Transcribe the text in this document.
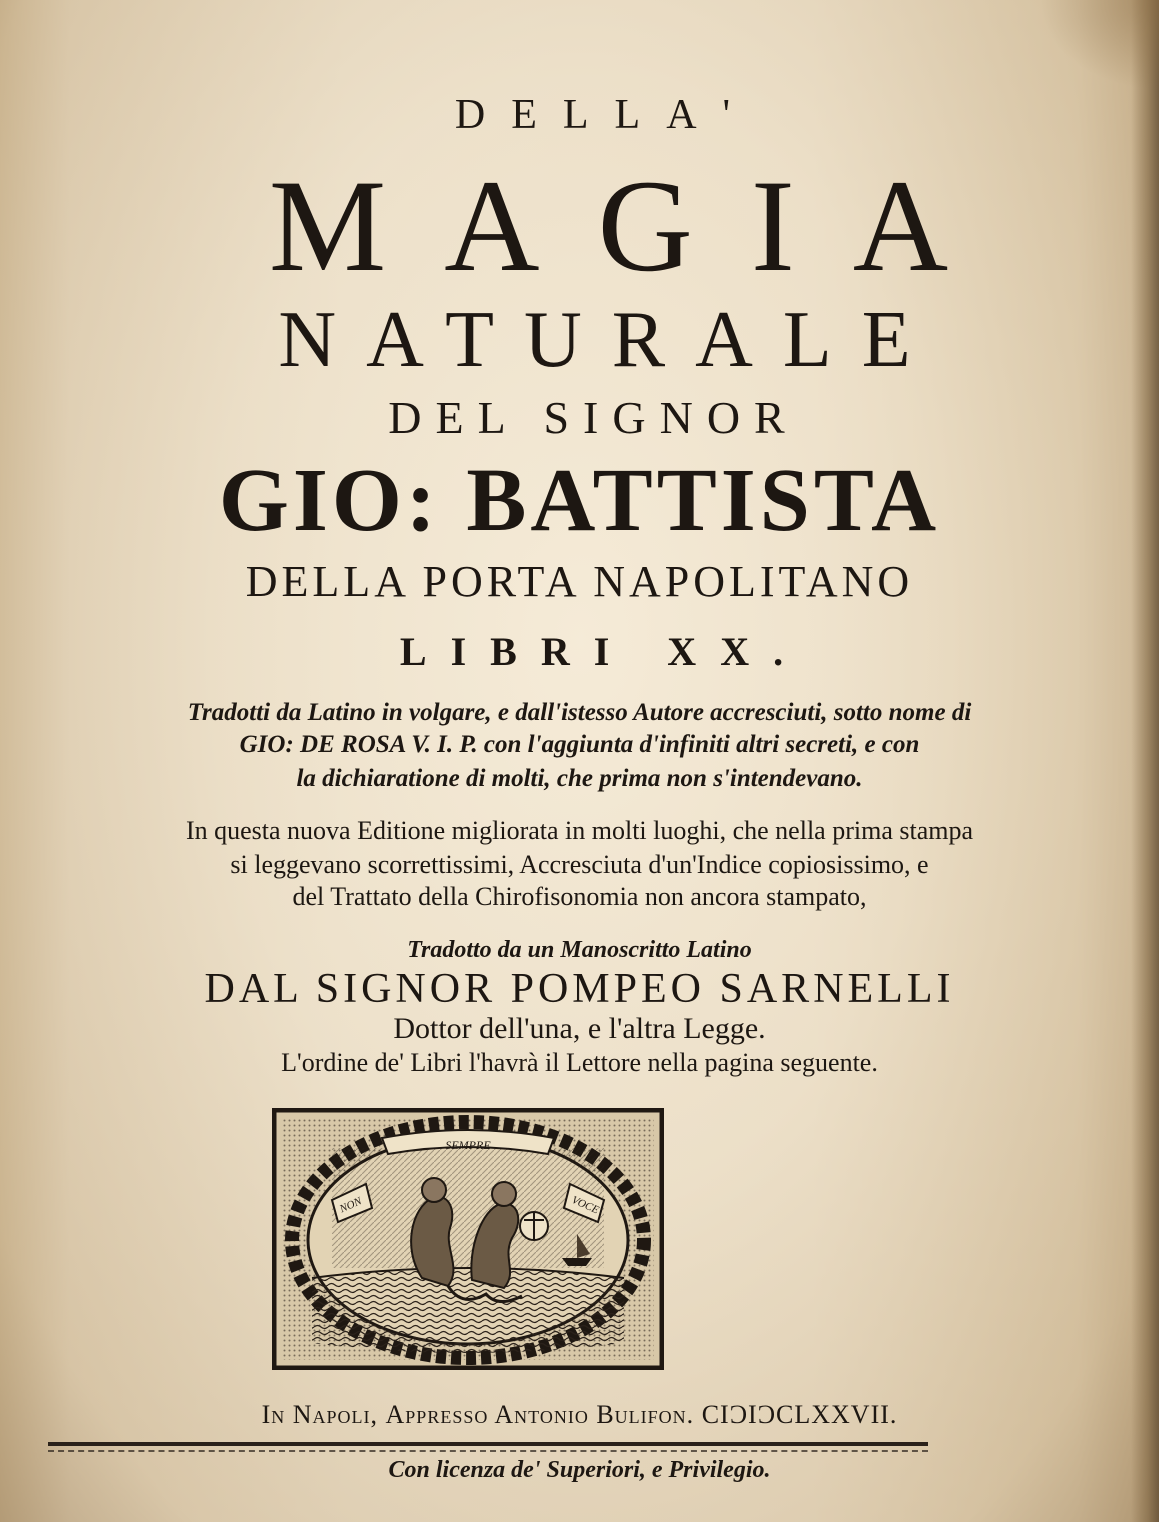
DELLA'
MAGIA
NATURALE
DEL SIGNOR
GIO: BATTISTA
DELLA PORTA NAPOLITANO
LIBRI XX.
Tradotti da Latino in volgare, e dall'istesso Autore accresciuti, sotto nome di
GIO: DE ROSA V. I. P. con l'aggiunta d'infiniti altri secreti, e con
la dichiaratione di molti, che prima non s'intendevano.
In questa nuova Editione migliorata in molti luoghi, che nella prima stampa
si leggevano scorrettissimi, Accresciuta d'un'Indice copiosissimo, e
del Trattato della Chirofisonomia non ancora stampato,
Tradotto da un Manoscritto Latino
DAL SIGNOR POMPEO SARNELLI
Dottor dell'una, e l'altra Legge.
L'ordine de' Libri l'havrà il Lettore nella pagina seguente.
SEMPRE
NON	VOCE
In Napoli, Appresso Antonio Bulifon. CIƆIƆCLXXVII.
Con licenza de' Superiori, e Privilegio.
